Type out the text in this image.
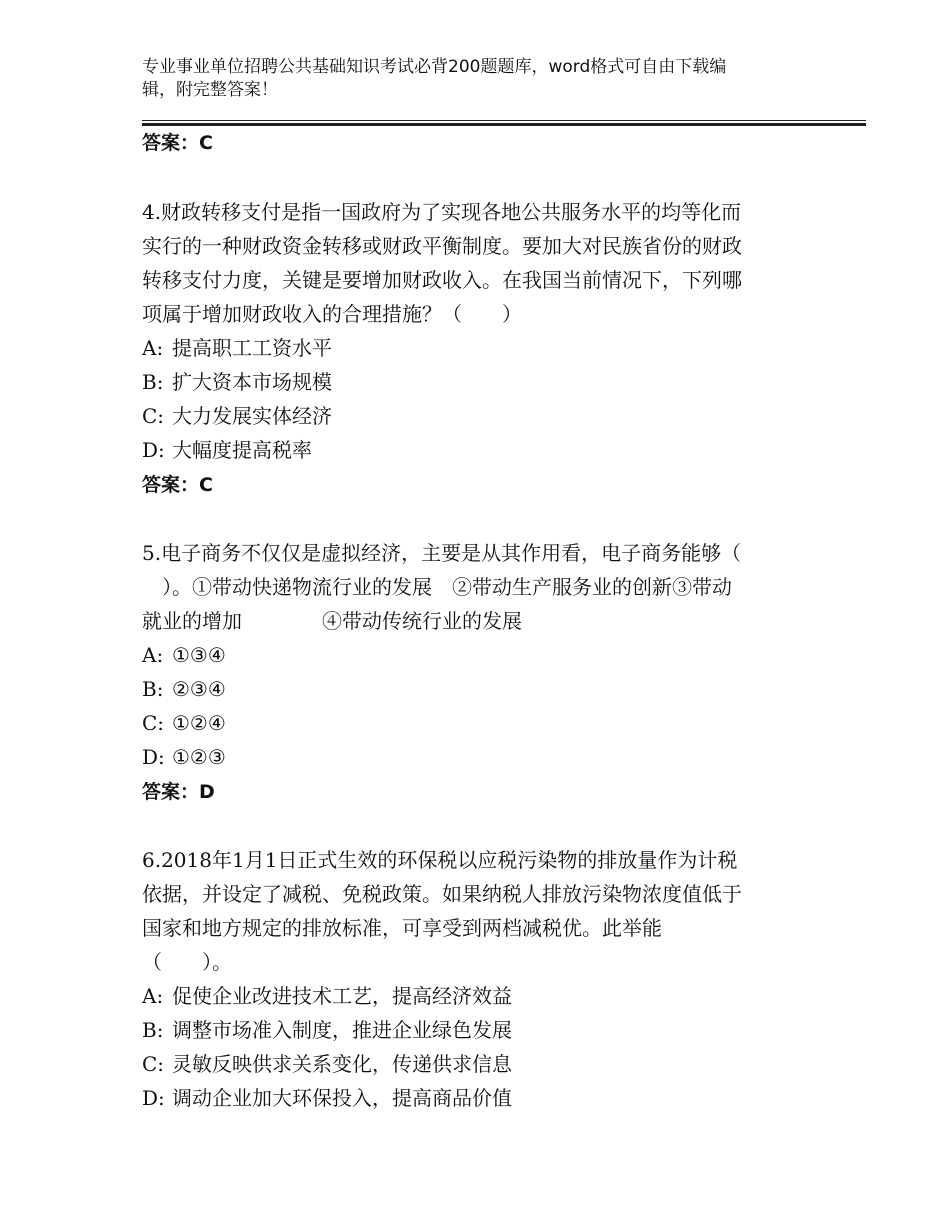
专业事业单位招聘公共基础知识考试必背200题题库，word格式可自由下载编
辑，附完整答案！
答案：C
4.财政转移支付是指一国政府为了实现各地公共服务水平的均等化而
实行的一种财政资金转移或财政平衡制度。要加大对民族省份的财政
转移支付力度，关键是要增加财政收入。在我国当前情况下，下列哪
项属于增加财政收入的合理措施？（　　）
A: 提高职工工资水平
B: 扩大资本市场规模
C: 大力发展实体经济
D: 大幅度提高税率
答案：C
5.电子商务不仅仅是虚拟经济，主要是从其作用看，电子商务能够（
　）。①带动快递物流行业的发展　②带动生产服务业的创新③带动
就业的增加　　　　④带动传统行业的发展
A: ①③④
B: ②③④
C: ①②④
D: ①②③
答案：D
6.2018年1月1日正式生效的环保税以应税污染物的排放量作为计税
依据，并设定了减税、免税政策。如果纳税人排放污染物浓度值低于
国家和地方规定的排放标准，可享受到两档减税优。此举能
（　　）。
A: 促使企业改进技术工艺，提高经济效益
B: 调整市场准入制度，推进企业绿色发展
C: 灵敏反映供求关系变化，传递供求信息
D: 调动企业加大环保投入，提高商品价值
